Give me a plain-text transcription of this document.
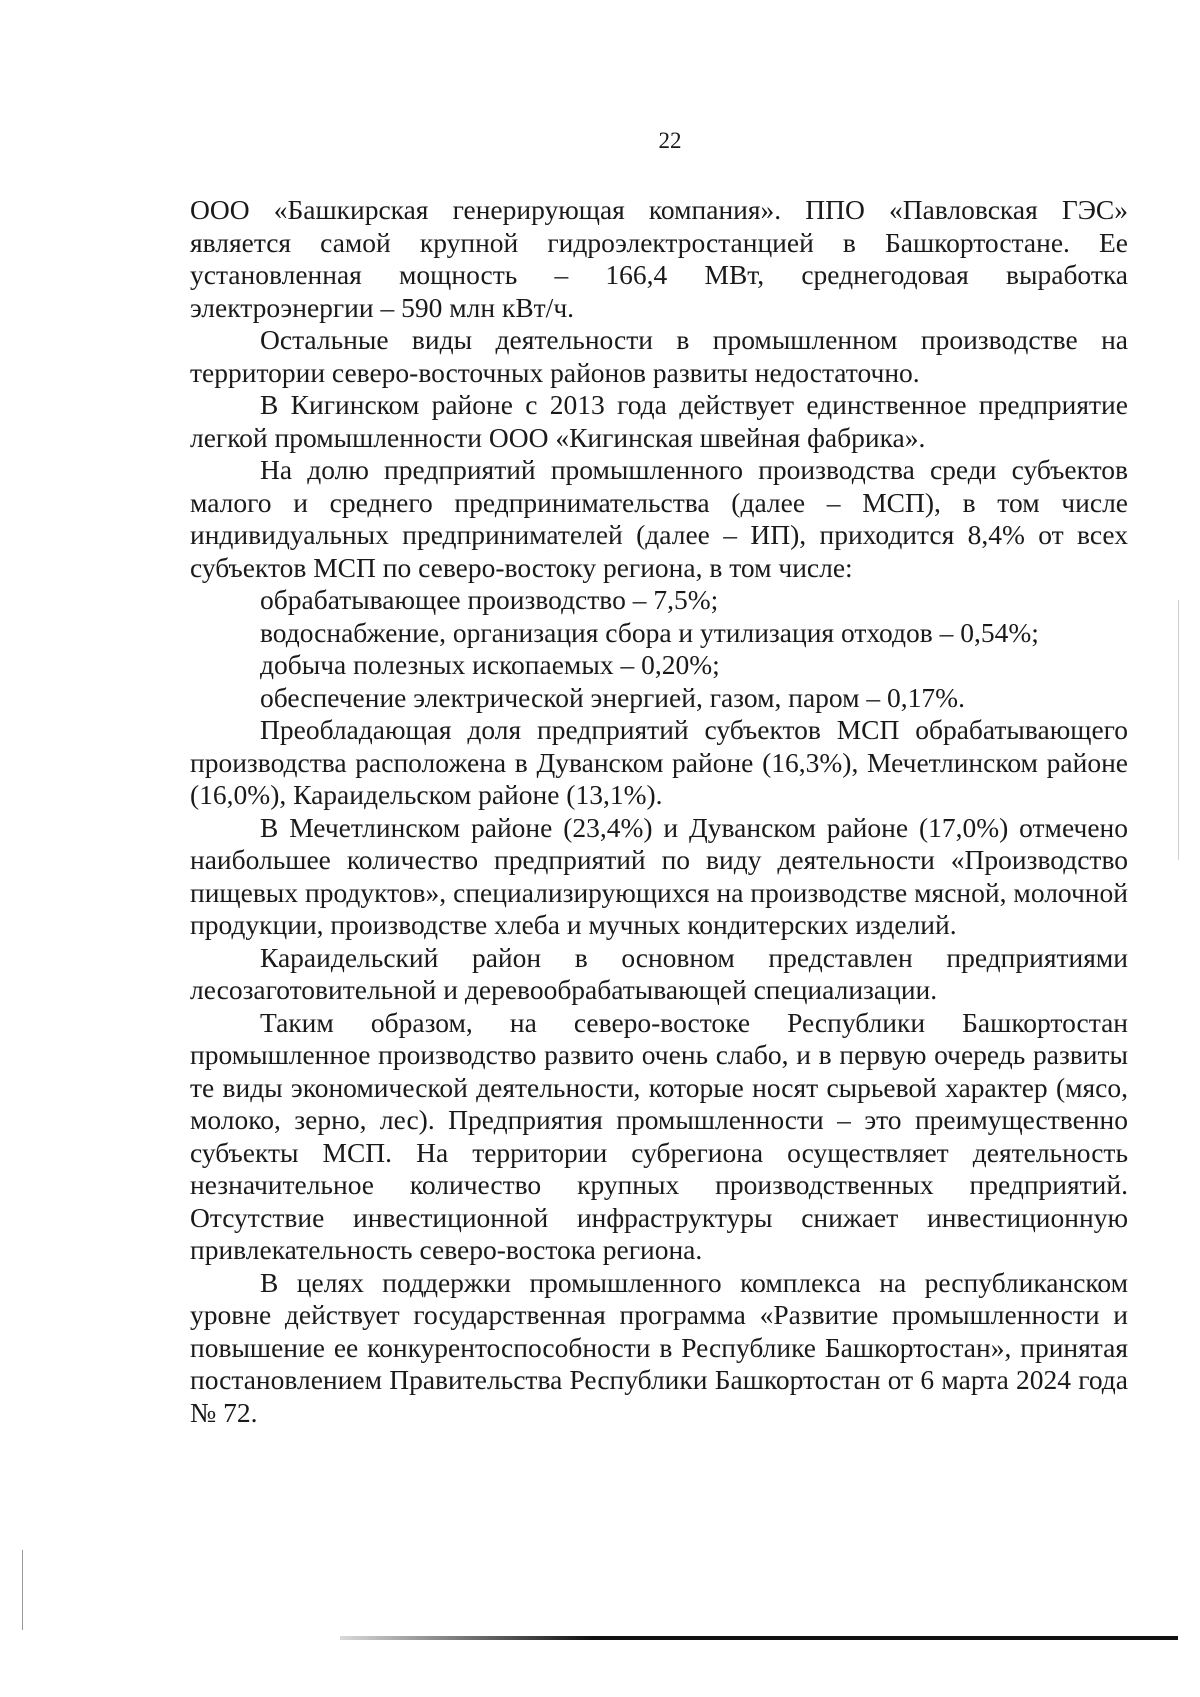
22

ООО «Башкирская генерирующая компания». ППО «Павловская ГЭС» является самой крупной гидроэлектростанцией в Башкортостане. Ее установленная мощность – 166,4 МВт, среднегодовая выработка электроэнергии – 590 млн кВт/ч.

Остальные виды деятельности в промышленном производстве на территории северо-восточных районов развиты недостаточно.

В Кигинском районе с 2013 года действует единственное предприятие легкой промышленности ООО «Кигинская швейная фабрика».

На долю предприятий промышленного производства среди субъектов малого и среднего предпринимательства (далее – МСП), в том числе индивидуальных предпринимателей (далее – ИП), приходится 8,4% от всех субъектов МСП по северо-востоку региона, в том числе:

обрабатывающее производство – 7,5%;

водоснабжение, организация сбора и утилизация отходов – 0,54%;

добыча полезных ископаемых – 0,20%;

обеспечение электрической энергией, газом, паром – 0,17%.

Преобладающая доля предприятий субъектов МСП обрабатывающего производства расположена в Дуванском районе (16,3%), Мечетлинском районе (16,0%), Караидельском районе (13,1%).

В Мечетлинском районе (23,4%) и Дуванском районе (17,0%) отмечено наибольшее количество предприятий по виду деятельности «Производство пищевых продуктов», специализирующихся на производстве мясной, молочной продукции, производстве хлеба и мучных кондитерских изделий.

Караидельский район в основном представлен предприятиями лесозаготовительной и деревообрабатывающей специализации.

Таким образом, на северо-востоке Республики Башкортостан промышленное производство развито очень слабо, и в первую очередь развиты те виды экономической деятельности, которые носят сырьевой характер (мясо, молоко, зерно, лес). Предприятия промышленности – это преимущественно субъекты МСП. На территории субрегиона осуществляет деятельность незначительное количество крупных производственных предприятий. Отсутствие инвестиционной инфраструктуры снижает инвестиционную привлекательность северо-востока региона.

В целях поддержки промышленного комплекса на республиканском уровне действует государственная программа «Развитие промышленности и повышение ее конкурентоспособности в Республике Башкортостан», принятая постановлением Правительства Республики Башкортостан от 6 марта 2024 года № 72.
